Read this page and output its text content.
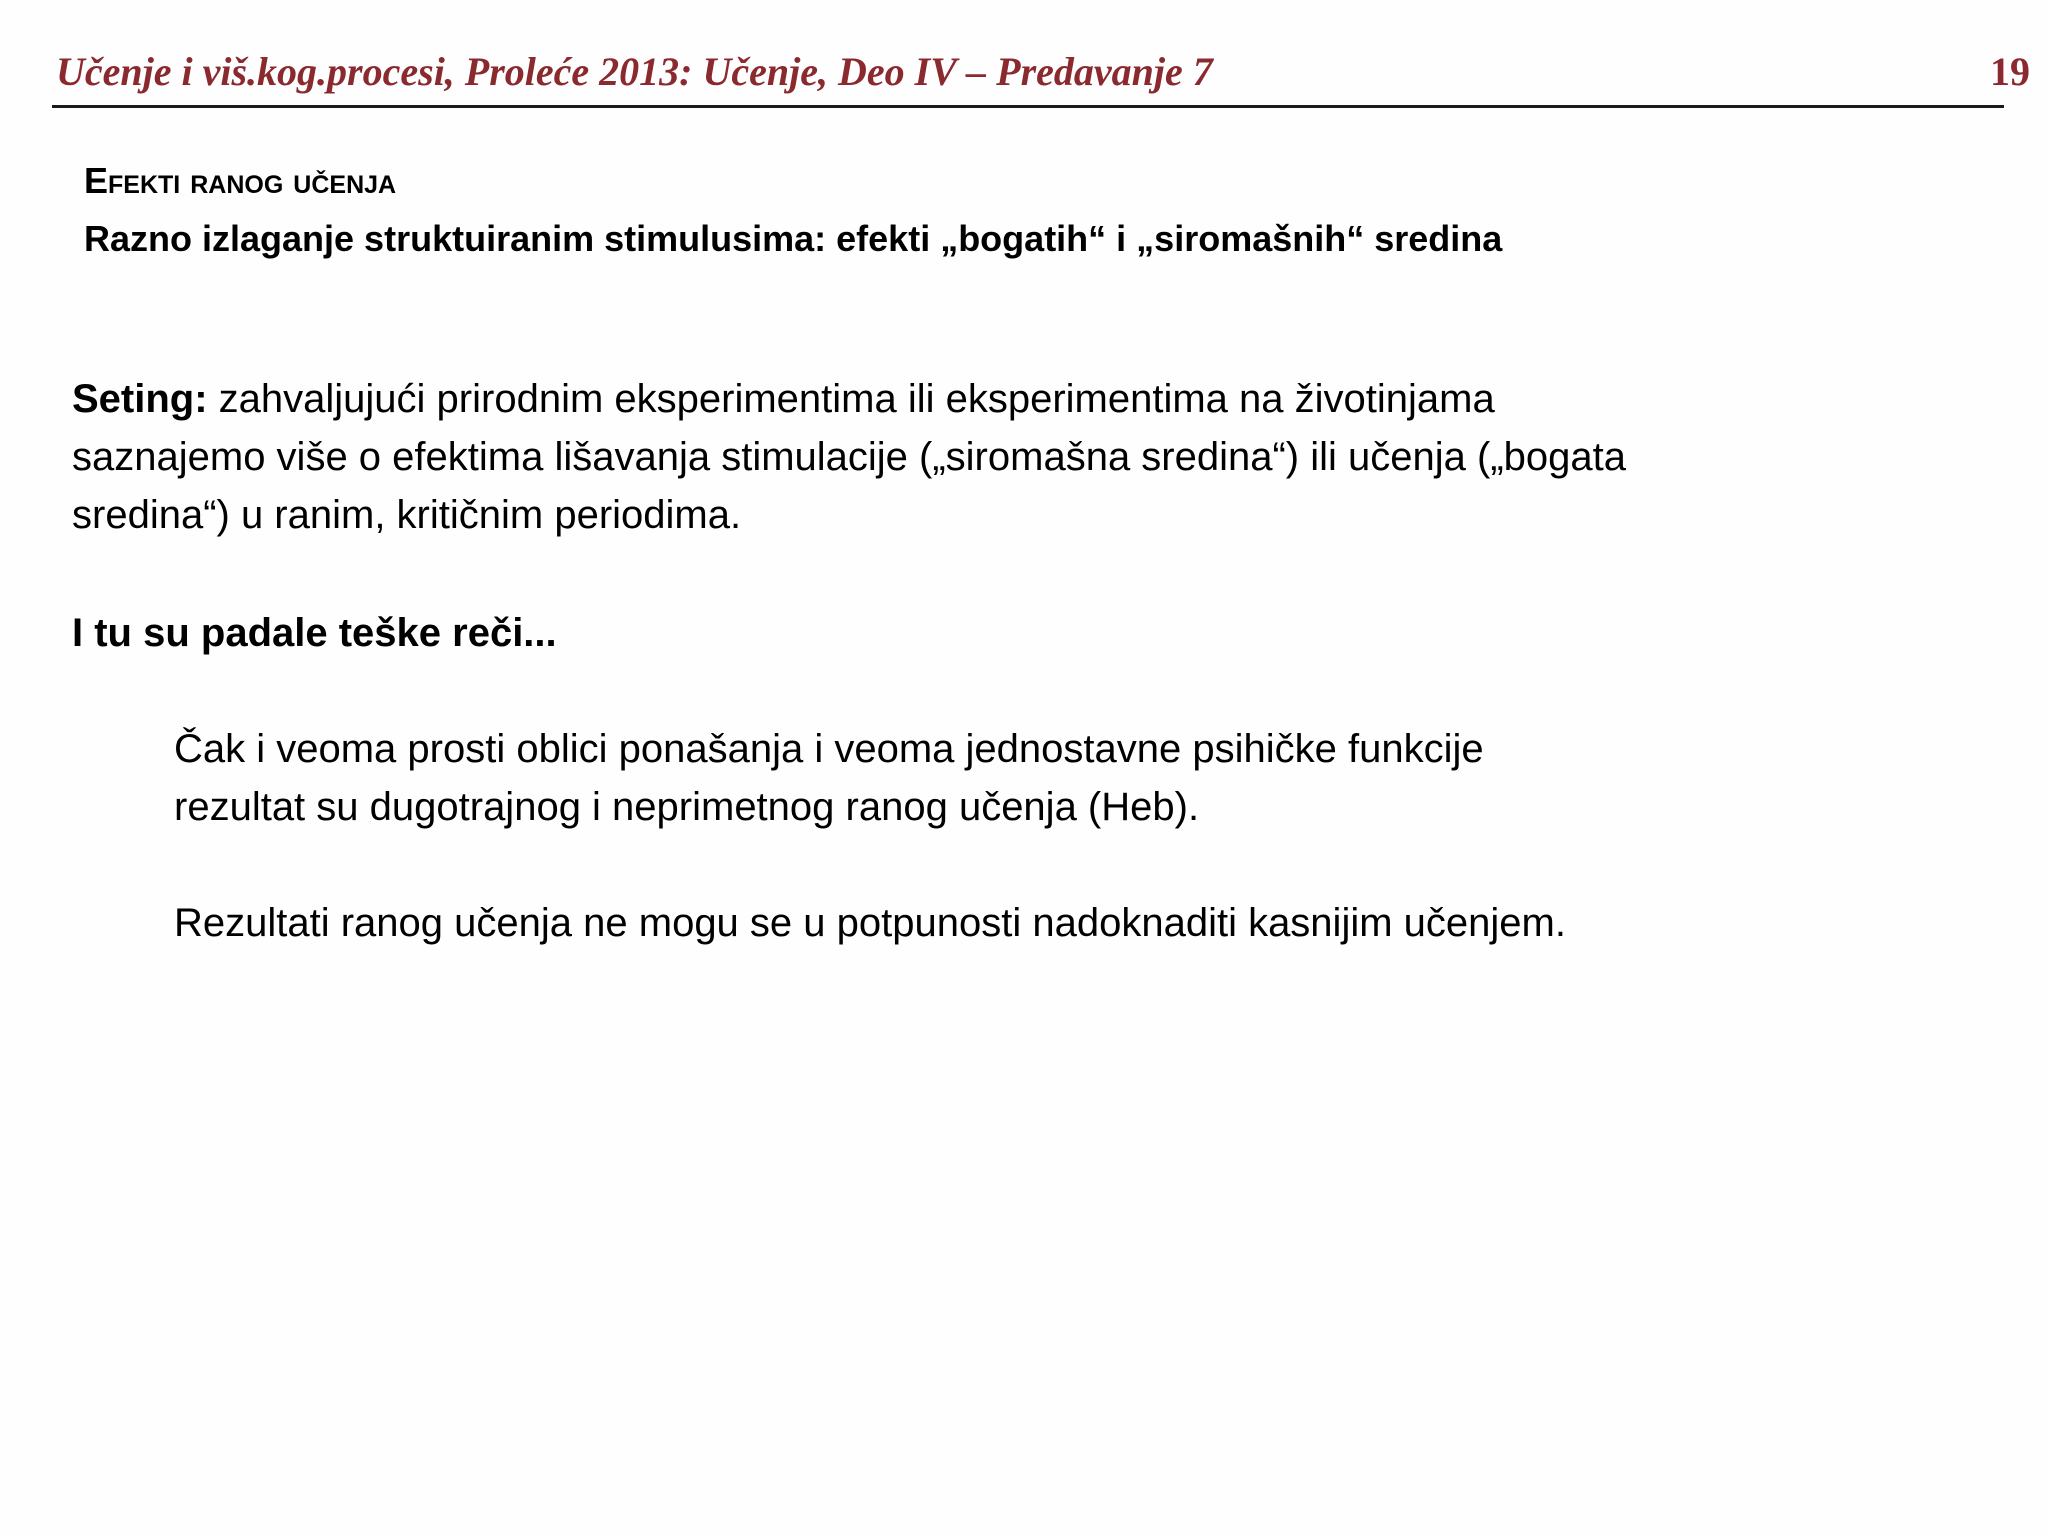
Učenje i viš.kog.procesi, Proleće 2013: Učenje, Deo IV – Predavanje 7	19
Efekti ranog učenja
Razno izlaganje struktuiranim stimulusima: efekti „bogatih“ i „siromašnih“ sredina
Seting: zahvaljujući prirodnim eksperimentima ili eksperimentima na životinjama saznajemo više o efektima lišavanja stimulacije („siromašna sredina“) ili učenja („bogata sredina“) u ranim, kritičnim periodima.
I tu su padale teške reči...
Čak i veoma prosti oblici ponašanja i veoma jednostavne psihičke funkcije rezultat su dugotrajnog i neprimetnog ranog učenja (Heb).
Rezultati ranog učenja ne mogu se u potpunosti nadoknaditi kasnijim učenjem.
